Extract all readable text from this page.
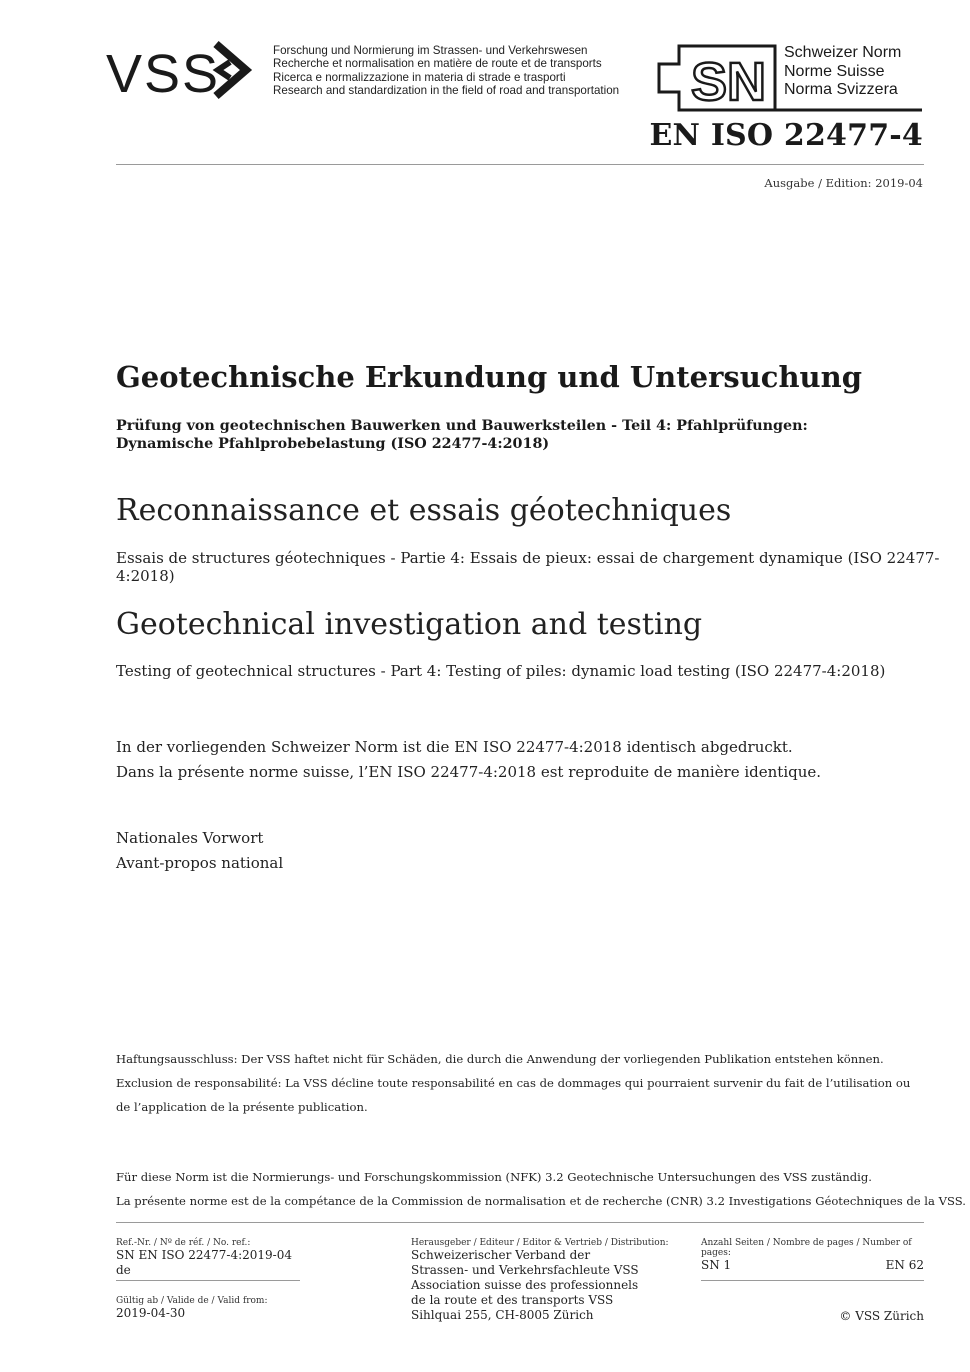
VSS	Forschung und Normierung im Strassen- und Verkehrswesen
Recherche et normalisation en matière de route et de transports
Ricerca e normalizzazione in materia di strade e trasporti
Research and standardization in the field of road and transportation SN Schweizer Norm
Norme Suisse
Norma Svizzera
EN ISO 22477-4
Ausgabe / Edition: 2019-04
Geotechnische Erkundung und Untersuchung
Prüfung von geotechnischen Bauwerken und Bauwerksteilen - Teil 4: Pfahlprüfungen: Dynamische Pfahlprobebelastung (ISO 22477-4:2018)
Reconnaissance et essais géotechniques
Essais de structures géotechniques - Partie 4: Essais de pieux: essai de chargement dynamique (ISO 22477-4:2018)
Geotechnical investigation and testing
Testing of geotechnical structures - Part 4: Testing of piles: dynamic load testing (ISO 22477-4:2018)
In der vorliegenden Schweizer Norm ist die EN ISO 22477-4:2018 identisch abgedruckt.
Dans la présente norme suisse, l’EN ISO 22477-4:2018 est reproduite de manière identique.
Nationales Vorwort
Avant-propos national
Haftungsausschluss: Der VSS haftet nicht für Schäden, die durch die Anwendung der vorliegenden Publikation entstehen können.
Exclusion de responsabilité: La VSS décline toute responsabilité en cas de dommages qui pourraient survenir du fait de l’utilisation ou
de l’application de la présente publication.
Für diese Norm ist die Normierungs- und Forschungskommission (NFK) 3.2 Geotechnische Untersuchungen des VSS zuständig.
La présente norme est de la compétance de la Commission de normalisation et de recherche (CNR) 3.2 Investigations Géotechniques de la VSS.
Ref.-Nr. / Nº de réf. / No. ref.:
SN EN ISO 22477-4:2019-04 de
Gültig ab / Valide de / Valid from:
2019-04-30
Herausgeber / Editeur / Editor & Vertrieb / Distribution:
Schweizerischer Verband der
Strassen- und Verkehrsfachleute VSS
Association suisse des professionnels
de la route et des transports VSS
Sihlquai 255, CH-8005 Zürich
Anzahl Seiten / Nombre de pages / Number of pages:
SN 1	EN 62
© VSS Zürich
